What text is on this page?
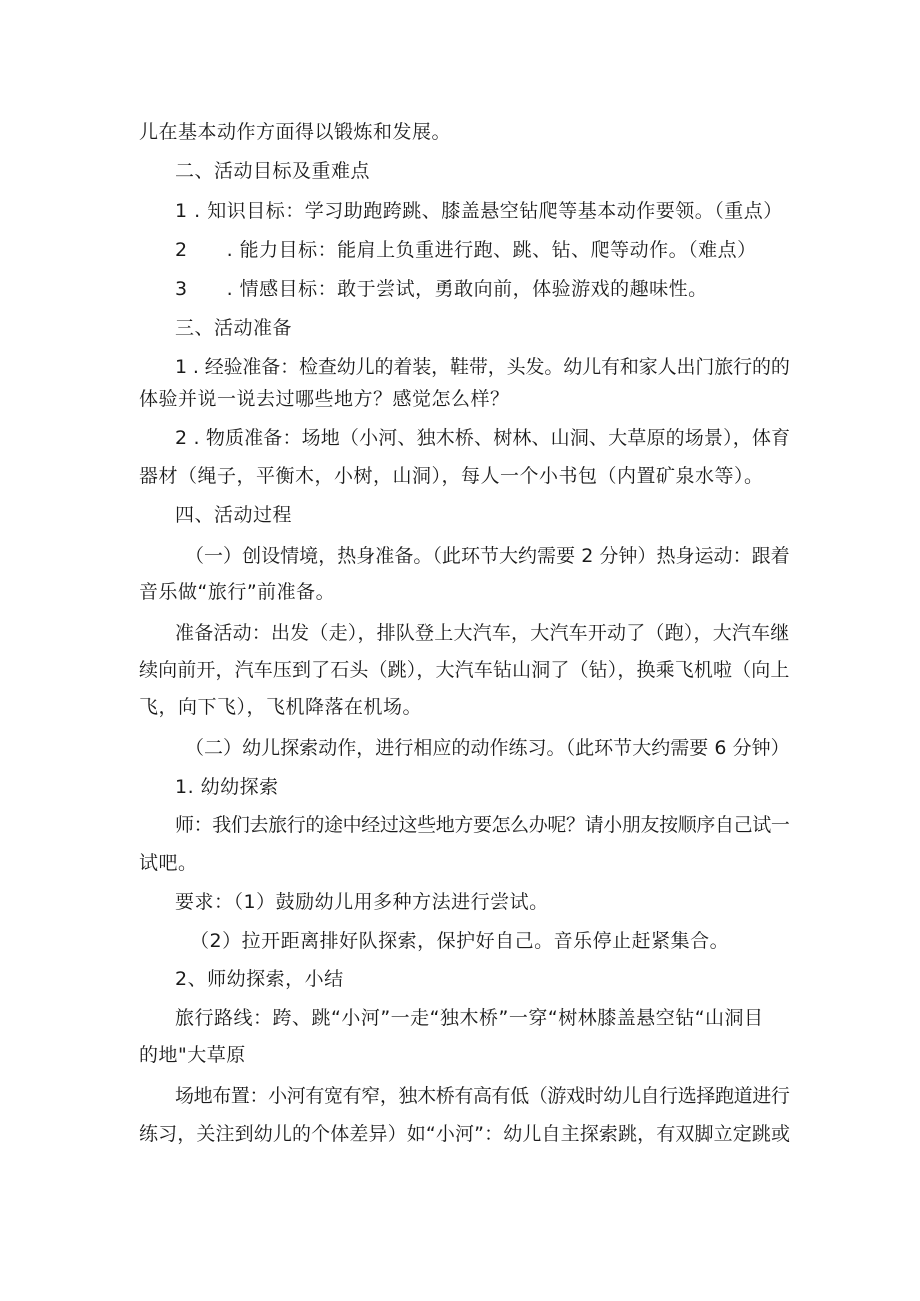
儿在基本动作方面得以锻炼和发展。
二、活动目标及重难点
1 . 知识目标：学习助跑跨跳、膝盖悬空钻爬等基本动作要领。（重点）
2　　. 能力目标：能肩上负重进行跑、跳、钻、爬等动作。（难点）
3　　. 情感目标：敢于尝试，勇敢向前，体验游戏的趣味性。
三、活动准备
1 . 经验准备：检查幼儿的着装，鞋带，头发。幼儿有和家人出门旅行的的
体验并说一说去过哪些地方？感觉怎么样？
2 . 物质准备：场地（小河、独木桥、树林、山洞、大草原的场景），体育
器材（绳子，平衡木，小树，山洞），每人一个小书包（内置矿泉水等）。
四、活动过程
（一）创设情境，热身准备。（此环节大约需要 2 分钟）热身运动：跟着
音乐做“旅行”前准备。
准备活动：出发（走），排队登上大汽车，大汽车开动了（跑），大汽车继
续向前开，汽车压到了石头（跳），大汽车钻山洞了（钻），换乘飞机啦（向上
飞，向下飞），飞机降落在机场。
（二）幼儿探索动作，进行相应的动作练习。（此环节大约需要 6 分钟）
1. 幼幼探索
师：我们去旅行的途中经过这些地方要怎么办呢？请小朋友按顺序自己试一
试吧。
要求：（1）鼓励幼儿用多种方法进行尝试。
（2）拉开距离排好队探索，保护好自己。音乐停止赶紧集合。
2、师幼探索，小结
旅行路线：跨、跳“小河”一走“独木桥”一穿“树林膝盖悬空钻“山洞目
的地"大草原
场地布置：小河有宽有窄，独木桥有高有低（游戏时幼儿自行选择跑道进行
练习，关注到幼儿的个体差异）如“小河”：幼儿自主探索跳，有双脚立定跳或
